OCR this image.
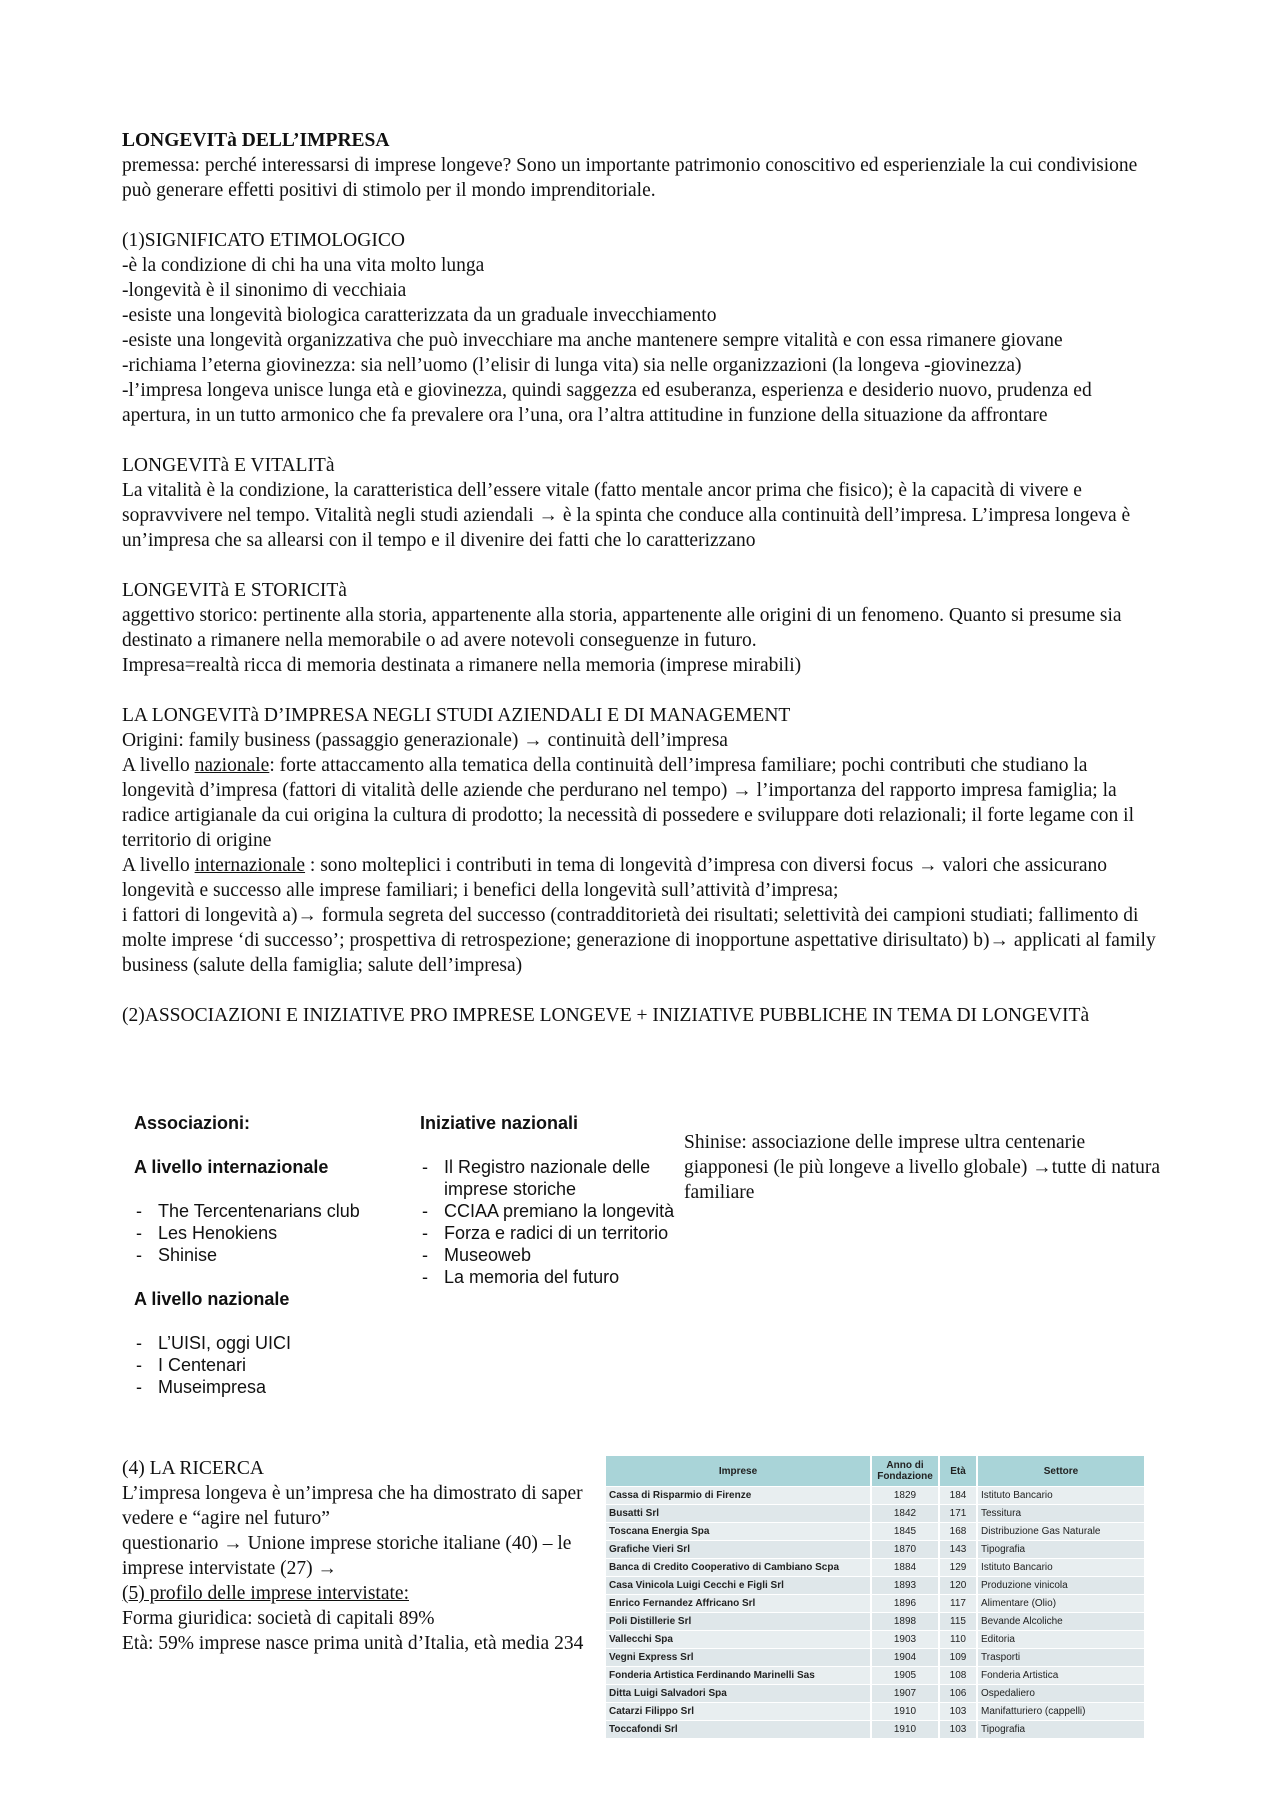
LONGEVITà DELL’IMPRESA

premessa: perché interessarsi di imprese longeve? Sono un importante patrimonio conoscitivo ed esperienziale la cui condivisione può generare effetti positivi di stimolo per il mondo imprenditoriale.

(1)SIGNIFICATO ETIMOLOGICO

-è la condizione di chi ha una vita molto lunga

-longevità è il sinonimo di vecchiaia

-esiste una longevità biologica caratterizzata da un graduale invecchiamento

-esiste una longevità organizzativa che può invecchiare ma anche mantenere sempre vitalità e con essa rimanere giovane

-richiama l’eterna giovinezza: sia nell’uomo (l’elisir di lunga vita) sia nelle organizzazioni (la longeva -giovinezza)

-l’impresa longeva unisce lunga età e giovinezza, quindi saggezza ed esuberanza, esperienza e desiderio nuovo, prudenza ed apertura, in un tutto armonico che fa prevalere ora l’una, ora l’altra attitudine in funzione della situazione da affrontare

LONGEVITà E VITALITà

La vitalità è la condizione, la caratteristica dell’essere vitale (fatto mentale ancor prima che fisico); è la capacità di vivere e sopravvivere nel tempo. Vitalità negli studi aziendali → è la spinta che conduce alla continuità dell’impresa. L’impresa longeva è un’impresa che sa allearsi con il tempo e il divenire dei fatti che lo caratterizzano

LONGEVITà E STORICITà

aggettivo storico: pertinente alla storia, appartenente alla storia, appartenente alle origini di un fenomeno. Quanto si presume sia destinato a rimanere nella memorabile o ad avere notevoli conseguenze in futuro.

Impresa=realtà ricca di memoria destinata a rimanere nella memoria (imprese mirabili)

LA LONGEVITà D’IMPRESA NEGLI STUDI AZIENDALI E DI MANAGEMENT

Origini: family business (passaggio generazionale) → continuità dell’impresa

A livello nazionale: forte attaccamento alla tematica della continuità dell’impresa familiare; pochi contributi che studiano la longevità d’impresa (fattori di vitalità delle aziende che perdurano nel tempo) → l’importanza del rapporto impresa famiglia; la radice artigianale da cui origina la cultura di prodotto; la necessità di possedere e sviluppare doti relazionali; il forte legame con il territorio di origine

A livello internazionale : sono molteplici i contributi in tema di longevità d’impresa con diversi focus → valori che assicurano longevità e successo alle imprese familiari; i benefici della longevità sull’attività d’impresa;

i fattori di longevità a)→ formula segreta del successo (contradditorietà dei risultati; selettività dei campioni studiati; fallimento di molte imprese ‘di successo’; prospettiva di retrospezione; generazione di inopportune aspettative dirisultato) b)→ applicati al family business (salute della famiglia; salute dell’impresa)

(2)ASSOCIAZIONI E INIZIATIVE PRO IMPRESE LONGEVE + INIZIATIVE PUBBLICHE IN TEMA DI LONGEVITà

Associazioni:
A livello internazionale
- The Tercentenarians club
- Les Henokiens
- Shinise
A livello nazionale
- L’UISI, oggi UICI
- I Centenari
- Museimpresa
Iniziative nazionali
- Il Registro nazionale delle imprese storiche
- CCIAA premiano la longevità
- Forza e radici di un territorio
- Museoweb
- La memoria del futuro
Shinise: associazione delle imprese ultra centenarie giapponesi (le più longeve a livello globale) →tutte di natura familiare

(4) LA RICERCA

L’impresa longeva è un’impresa che ha dimostrato di saper vedere e “agire nel futuro”

questionario → Unione imprese storiche italiane (40) – le imprese intervistate (27) →

(5) profilo delle imprese intervistate:

Forma giuridica: società di capitali 89%

Età: 59% imprese nasce prima unità d’Italia, età media 234

Imprese	Anno di Fondazione	Età	Settore
Cassa di Risparmio di Firenze	1829	184	Istituto Bancario
Busatti Srl	1842	171	Tessitura
Toscana Energia Spa	1845	168	Distribuzione Gas Naturale
Grafiche Vieri Srl	1870	143	Tipografia
Banca di Credito Cooperativo di Cambiano Scpa	1884	129	Istituto Bancario
Casa Vinicola Luigi Cecchi e Figli Srl	1893	120	Produzione vinicola
Enrico Fernandez Affricano Srl	1896	117	Alimentare (Olio)
Poli Distillerie Srl	1898	115	Bevande Alcoliche
Vallecchi Spa	1903	110	Editoria
Vegni Express Srl	1904	109	Trasporti
Fonderia Artistica Ferdinando Marinelli Sas	1905	108	Fonderia Artistica
Ditta Luigi Salvadori Spa	1907	106	Ospedaliero
Catarzi Filippo Srl	1910	103	Manifatturiero (cappelli)
Toccafondi Srl	1910	103	Tipografia
